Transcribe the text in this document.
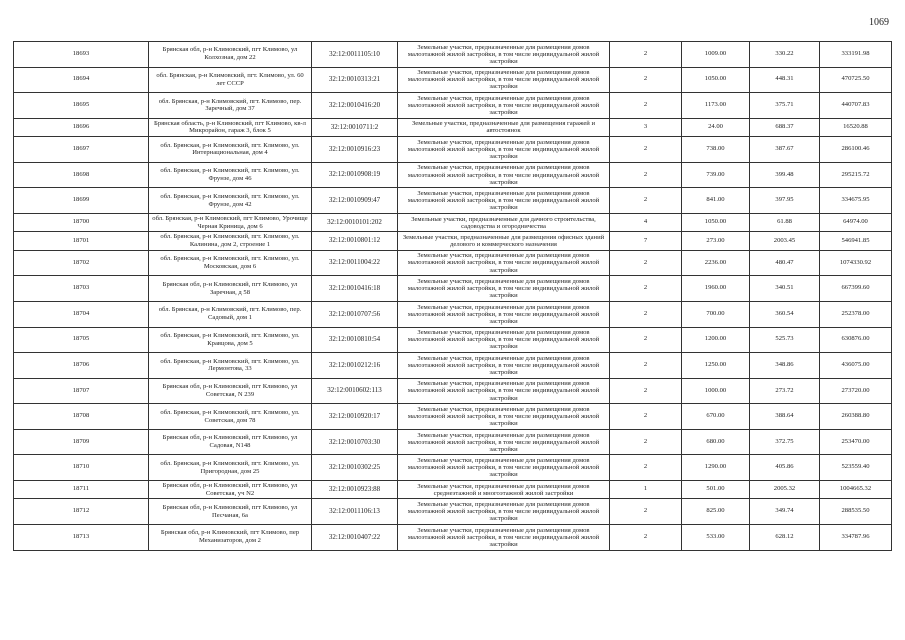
1069
18693	Брянская обл, р-н Климовский, пгт Климово, ул Колхозная, дом 22	32:12:0011105:10	Земельные участки, предназначенные для размещения домов малоэтажной жилой застройки, в том числе индивидуальной жилой застройки	2	1009.00	330.22	333191.98
18694	обл. Брянская, р-н Климовский, пгт. Климово, ул. 60 лет СССР	32:12:0010313:21	Земельные участки, предназначенные для размещения домов малоэтажной жилой застройки, в том числе индивидуальной жилой застройки	2	1050.00	448.31	470725.50
18695	обл. Брянская, р-н Климовский, пгт. Климово, пер. Заречный, дом 37	32:12:0010416:20	Земельные участки, предназначенные для размещения домов малоэтажной жилой застройки, в том числе индивидуальной жилой застройки	2	1173.00	375.71	440707.83
18696	Брянская область, р-н Климовский, пгт Климово, кв-л Микрорайон, гараж 3, блок 5	32:12:0010711:2	Земельные участки, предназначенные для размещения гаражей и автостоянок	3	24.00	688.37	16520.88
18697	обл. Брянская, р-н Климовский, пгт. Климово, ул. Интернациональная, дом 4	32:12:0010916:23	Земельные участки, предназначенные для размещения домов малоэтажной жилой застройки, в том числе индивидуальной жилой застройки	2	738.00	387.67	286100.46
18698	обл. Брянская, р-н Климовский, пгт. Климово, ул. Фрунзе, дом 46	32:12:0010908:19	Земельные участки, предназначенные для размещения домов малоэтажной жилой застройки, в том числе индивидуальной жилой застройки	2	739.00	399.48	295215.72
18699	обл. Брянская, р-н Климовский, пгт. Климово, ул. Фрунзе, дом 42	32:12:0010909:47	Земельные участки, предназначенные для размещения домов малоэтажной жилой застройки, в том числе индивидуальной жилой застройки	2	841.00	397.95	334675.95
18700	обл. Брянская, р-н Климовский, пгт Климово, Урочище Черная Криница, дом 6	32:12:0010101:202	Земельные участки, предназначенные для дачного строительства, садоводства и огородничества	4	1050.00	61.88	64974.00
18701	обл. Брянская, р-н Климовский, пгт. Климово, ул. Калинина, дом 2, строение 1	32:12:0010801:12	Земельные участки, предназначенные для размещения офисных зданий делового и коммерческого назначения	7	273.00	2003.45	546941.85
18702	обл. Брянская, р-н Климовский, пгт. Климово, ул. Московская, дом 6	32:12:0011004:22	Земельные участки, предназначенные для размещения домов малоэтажной жилой застройки, в том числе индивидуальной жилой застройки	2	2236.00	480.47	1074330.92
18703	Брянская обл, р-н Климовский, пгт Климово, ул Заречная, д 58	32:12:0010416:18	Земельные участки, предназначенные для размещения домов малоэтажной жилой застройки, в том числе индивидуальной жилой застройки	2	1960.00	340.51	667399.60
18704	обл. Брянская, р-н Климовский, пгт. Климово, пер. Садовый, дом 1	32:12:0010707:56	Земельные участки, предназначенные для размещения домов малоэтажной жилой застройки, в том числе индивидуальной жилой застройки	2	700.00	360.54	252378.00
18705	обл. Брянская, р-н Климовский, пгт. Климово, ул. Кравцова, дом 5	32:12:0010810:54	Земельные участки, предназначенные для размещения домов малоэтажной жилой застройки, в том числе индивидуальной жилой застройки	2	1200.00	525.73	630876.00
18706	обл. Брянская, р-н Климовский, пгт. Климово, ул. Лермонтова, 33	32:12:0010212:16	Земельные участки, предназначенные для размещения домов малоэтажной жилой застройки, в том числе индивидуальной жилой застройки	2	1250.00	348.86	436075.00
18707	Брянская обл, р-н Климовский, пгт Климово, ул Советская, N 239	32:12:0010602:113	Земельные участки, предназначенные для размещения домов малоэтажной жилой застройки, в том числе индивидуальной жилой застройки	2	1000.00	273.72	273720.00
18708	обл. Брянская, р-н Климовский, пгт. Климово, ул. Советская, дом 78	32:12:0010920:17	Земельные участки, предназначенные для размещения домов малоэтажной жилой застройки, в том числе индивидуальной жилой застройки	2	670.00	388.64	260388.80
18709	Брянская обл, р-н Климовский, пгт Климово, ул Садовая, N148	32:12:0010703:30	Земельные участки, предназначенные для размещения домов малоэтажной жилой застройки, в том числе индивидуальной жилой застройки	2	680.00	372.75	253470.00
18710	обл. Брянская, р-н Климовский, пгт. Климово, ул. Пригородная, дом 25	32:12:0010302:25	Земельные участки, предназначенные для размещения домов малоэтажной жилой застройки, в том числе индивидуальной жилой застройки	2	1290.00	405.86	523559.40
18711	Брянская обл, р-н Климовский, пгт Климово, ул Советская, уч N2	32:12:0010923:88	Земельные участки, предназначенные для размещения домов среднеэтажной и многоэтажной жилой застройки	1	501.00	2005.32	1004665.32
18712	Брянская обл, р-н Климовский, пгт Климово, ул Песчаная, 6а	32:12:0011106:13	Земельные участки, предназначенные для размещения домов малоэтажной жилой застройки, в том числе индивидуальной жилой застройки	2	825.00	349.74	288535.50
18713	Брянская обл, р-н Климовский, пгт Климово, пер Механизаторов, дом 2	32:12:0010407:22	Земельные участки, предназначенные для размещения домов малоэтажной жилой застройки, в том числе индивидуальной жилой застройки	2	533.00	628.12	334787.96
